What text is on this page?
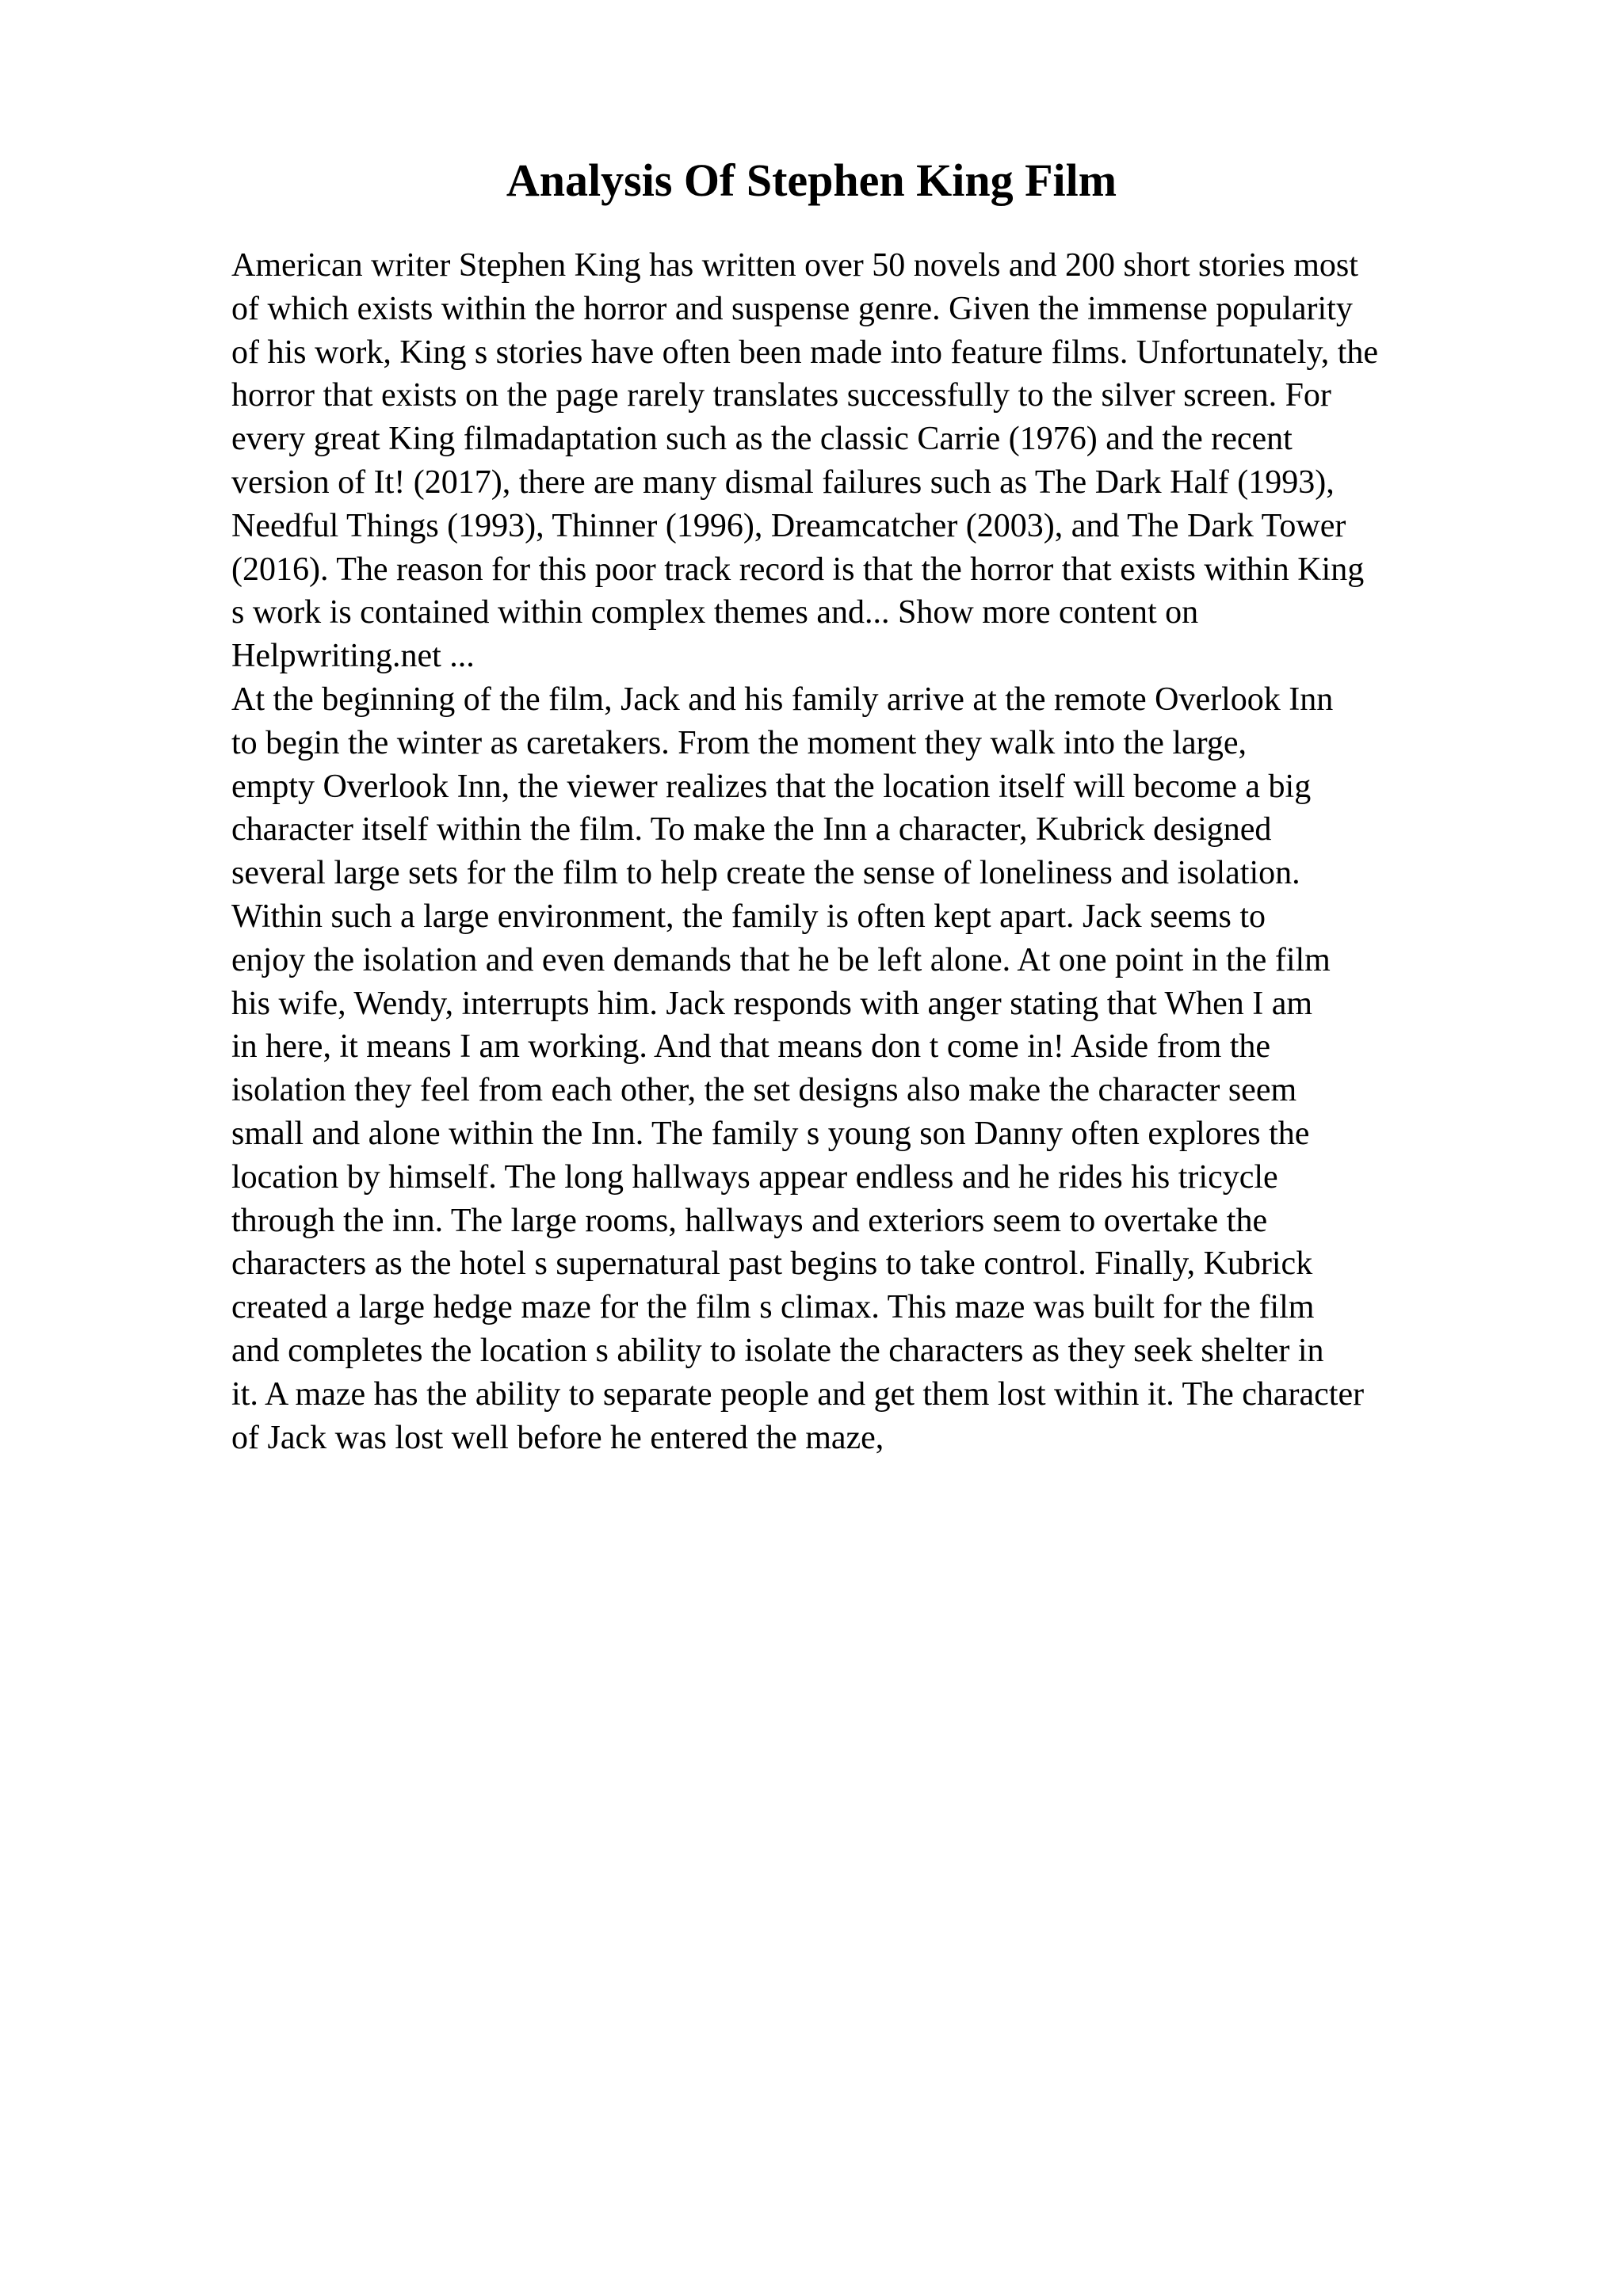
Analysis Of Stephen King Film
American writer Stephen King has written over 50 novels and 200 short stories most
of which exists within the horror and suspense genre. Given the immense popularity
of his work, King s stories have often been made into feature films. Unfortunately, the
horror that exists on the page rarely translates successfully to the silver screen. For
every great King filmadaptation such as the classic Carrie (1976) and the recent
version of It! (2017), there are many dismal failures such as The Dark Half (1993),
Needful Things (1993), Thinner (1996), Dreamcatcher (2003), and The Dark Tower
(2016). The reason for this poor track record is that the horror that exists within King
s work is contained within complex themes and... Show more content on
Helpwriting.net ...
At the beginning of the film, Jack and his family arrive at the remote Overlook Inn
to begin the winter as caretakers. From the moment they walk into the large,
empty Overlook Inn, the viewer realizes that the location itself will become a big
character itself within the film. To make the Inn a character, Kubrick designed
several large sets for the film to help create the sense of loneliness and isolation.
Within such a large environment, the family is often kept apart. Jack seems to
enjoy the isolation and even demands that he be left alone. At one point in the film
his wife, Wendy, interrupts him. Jack responds with anger stating that When I am
in here, it means I am working. And that means don t come in! Aside from the
isolation they feel from each other, the set designs also make the character seem
small and alone within the Inn. The family s young son Danny often explores the
location by himself. The long hallways appear endless and he rides his tricycle
through the inn. The large rooms, hallways and exteriors seem to overtake the
characters as the hotel s supernatural past begins to take control. Finally, Kubrick
created a large hedge maze for the film s climax. This maze was built for the film
and completes the location s ability to isolate the characters as they seek shelter in
it. A maze has the ability to separate people and get them lost within it. The character
of Jack was lost well before he entered the maze,
